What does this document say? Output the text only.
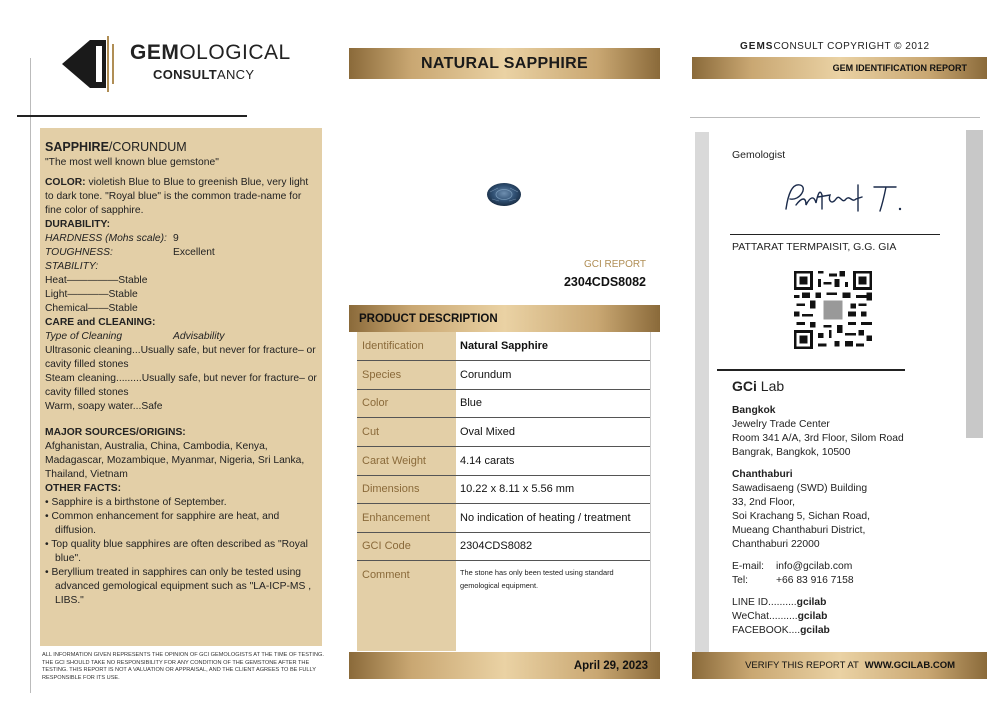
GEMOLOGICAL
CONSULTANCY
SAPPHIRE/CORUNDUM
"The most well known blue gemstone"
COLOR: violetish Blue to Blue to greenish Blue, very light to dark tone. "Royal blue" is the common trade-name for fine color of sapphire.
DURABILITY:
HARDNESS (Mohs scale): 9
TOUGHNESS:	Excellent
STABILITY:
Heat—————Stable
Light————Stable
Chemical——Stable
CARE and CLEANING:
Type of Cleaning	Advisability
Ultrasonic cleaning...Usually safe, but never for fracture– or cavity filled stones
Steam cleaning.........Usually safe, but never for fracture– or cavity filled stones
Warm, soapy water...Safe
MAJOR SOURCES/ORIGINS:
Afghanistan, Australia, China, Cambodia, Kenya, Madagascar, Mozambique, Myanmar, Nigeria, Sri Lanka, Thailand, Vietnam
OTHER FACTS:
• Sapphire is a birthstone of September.
• Common enhancement for sapphire are heat, and diffusion.
• Top quality blue sapphires are often described as "Royal blue".
• Beryllium treated in sapphires can only be tested using advanced gemological equipment such as "LA-ICP-MS , LIBS."
ALL INFORMATION GIVEN REPRESENTS THE OPINION OF GCI GEMOLOGISTS AT THE TIME OF TESTING. THE GCI SHOULD TAKE NO RESPONSIBILITY FOR ANY CONDITION OF THE GEMSTONE AFTER THE TESTING. THIS REPORT IS NOT A VALUATION OR APPRAISAL, AND THE CLIENT AGREES TO BE FULLY RESPONSIBLE FOR ITS USE.
NATURAL SAPPHIRE
GCI REPORT
2304CDS8082
PRODUCT DESCRIPTION
Identification	Natural Sapphire
Species	Corundum
Color	Blue
Cut	Oval Mixed
Carat Weight	4.14 carats
Dimensions	10.22 x 8.11 x 5.56 mm
Enhancement	No indication of heating / treatment
GCI Code	2304CDS8082
Comment	The stone has only been tested using standard gemological equipment.
April 29, 2023
GEMSCONSULT COPYRIGHT © 2012
GEM IDENTIFICATION REPORT
Gemologist
PATTARAT TERMPAISIT, G.G. GIA
GCi Lab
Bangkok
Jewelry Trade Center
Room 341 A/A, 3rd Floor, Silom Road
Bangrak, Bangkok, 10500
Chanthaburi
Sawadisaeng (SWD) Building
33, 2nd Floor,
Soi Krachang 5, Sichan Road,
Mueang Chanthaburi District,
Chanthaburi 22000
E-mail: info@gcilab.com
Tel:	+66 83 916 7158
LINE ID..........gcilab
WeChat..........gcilab
FACEBOOK....gcilab
VERIFY THIS REPORT AT WWW.GCILAB.COM
